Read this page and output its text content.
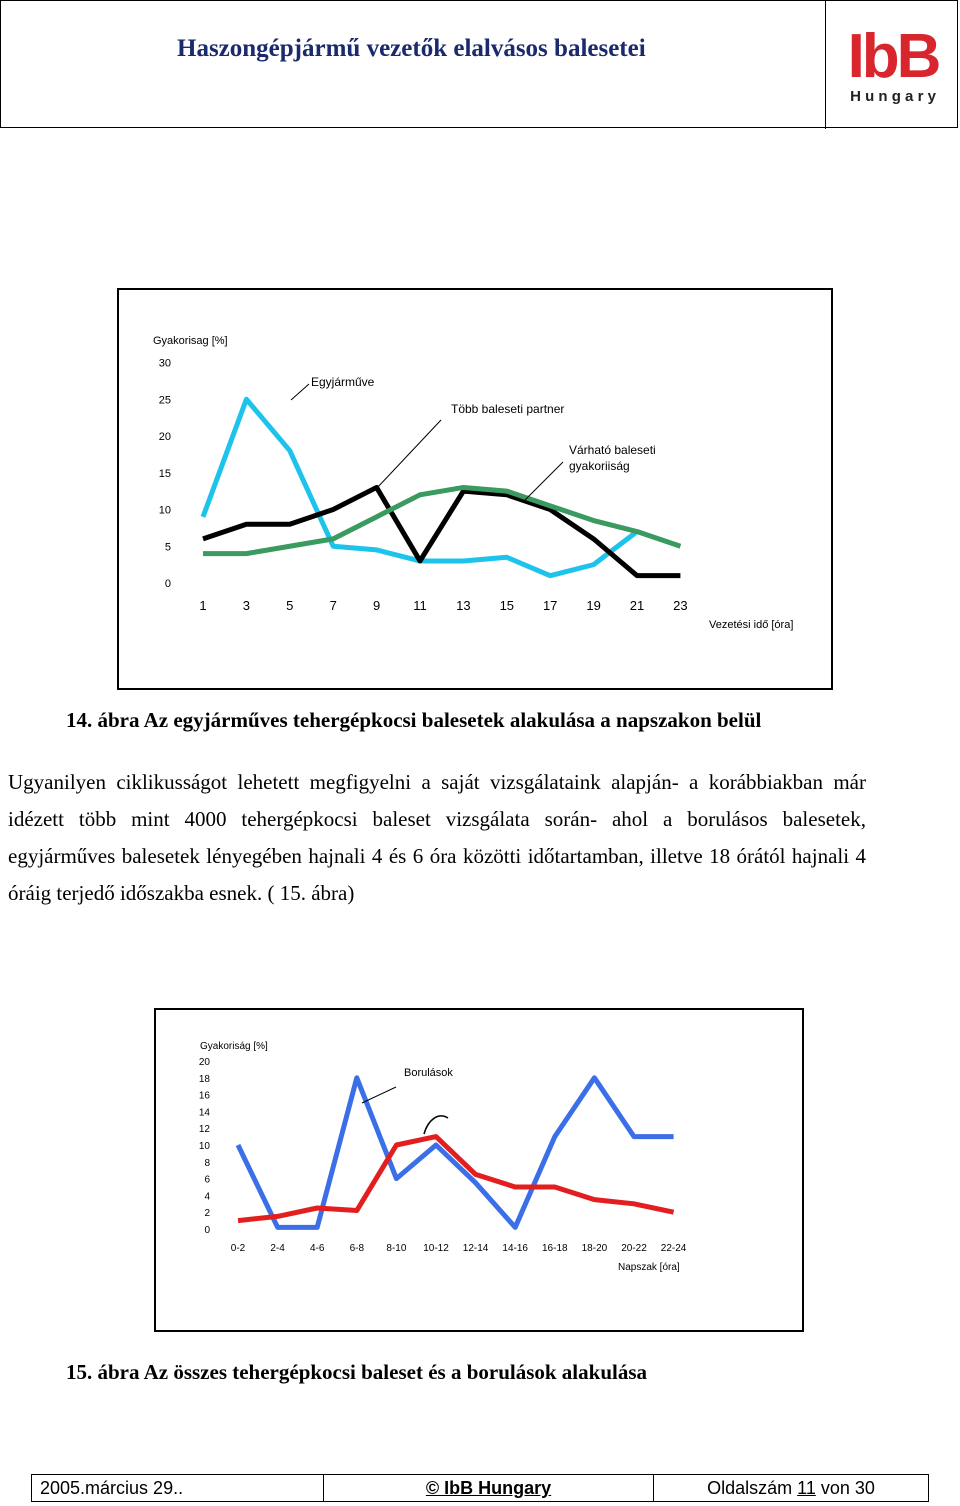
Haszongépjármű vezetők elalvásos balesetei	IbB
H u n g a r y
Gyakorisag [%]
Vezetési idő [óra]
0
5
10
15
20
25
30
1	3	5	7	9	11 13 15 17 19 21 23
Egyjárműve
Több baleseti partner
Várható baleseti
gyakoriiság
14. ábra Az egyjárműves tehergépkocsi balesetek alakulása a napszakon belül
Ugyanilyen ciklikusságot lehetett megfigyelni a saját vizsgálataink alapján- a korábbiakban már idézett több mint 4000 tehergépkocsi baleset vizsgálata során- ahol a borulásos balesetek, egyjárműves balesetek lényegében hajnali 4 és 6 óra közötti időtartamban, illetve 18 órától hajnali 4 óráig terjedő időszakba esnek. ( 15. ábra)
Gyakoriság [%]
Napszak [óra]
0
2
4
6
8
10
12
14
16
18
20
0-2	2-4	4-6	6-8 8-10 10-12 12-14 14-16 16-18 18-20 20-22 22-24
Borulások
15. ábra Az összes tehergépkocsi baleset és a borulások alakulása
2005.március 29..	© IbB Hungary	Oldalszám 11 von 30
